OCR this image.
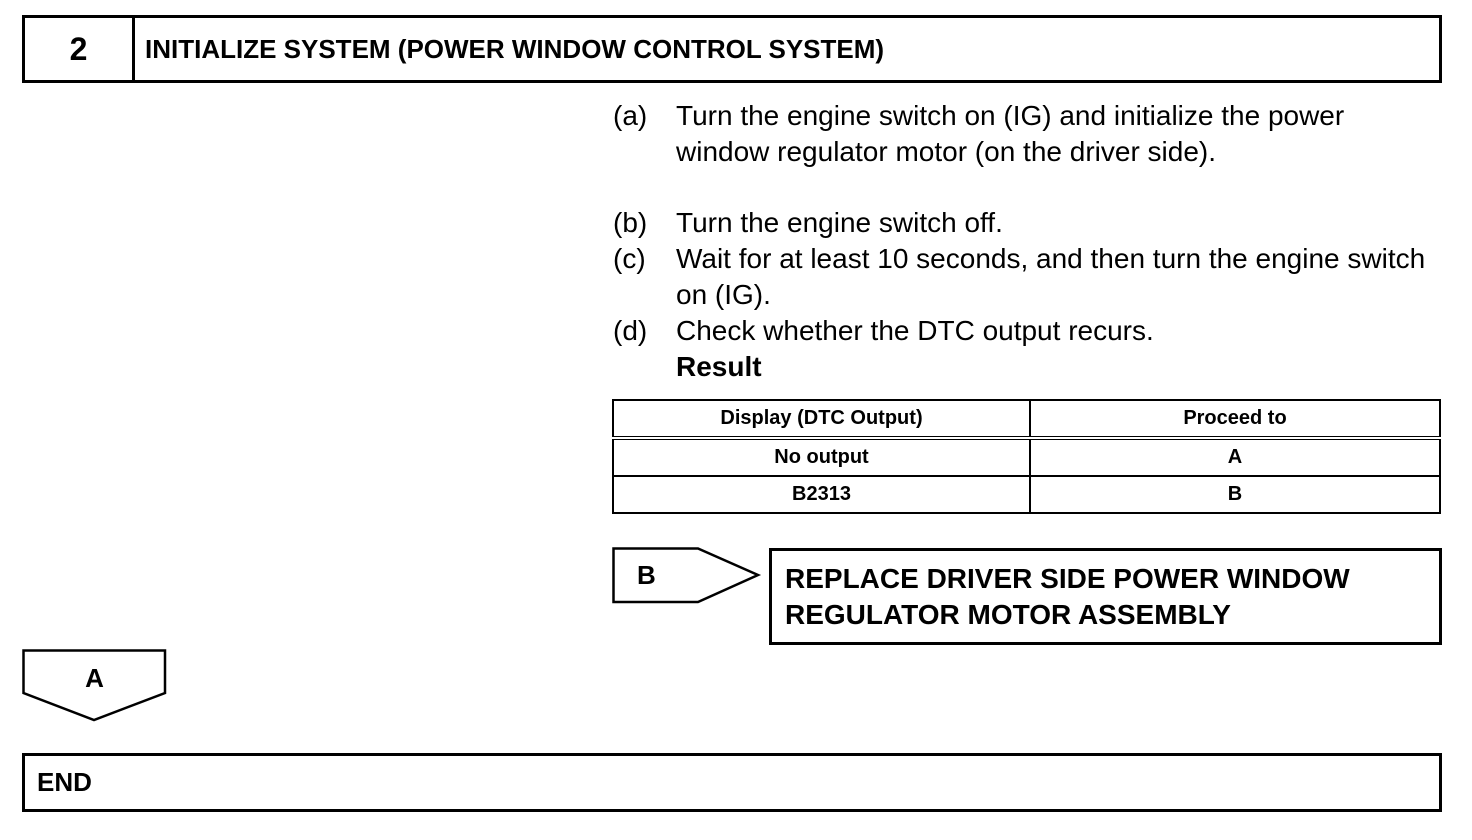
2	INITIALIZE SYSTEM (POWER WINDOW CONTROL SYSTEM)
(a)	Turn the engine switch on (IG) and initialize the power window regulator motor (on the driver side).
(b)	Turn the engine switch off.
(c)	Wait for at least 10 seconds, and then turn the engine switch on (IG).
(d)	Check whether the DTC output recurs.
Result
Display (DTC Output)	Proceed to
No output	A
B2313	B
B	REPLACE DRIVER SIDE POWER WINDOW
REGULATOR MOTOR ASSEMBLY
A
END
